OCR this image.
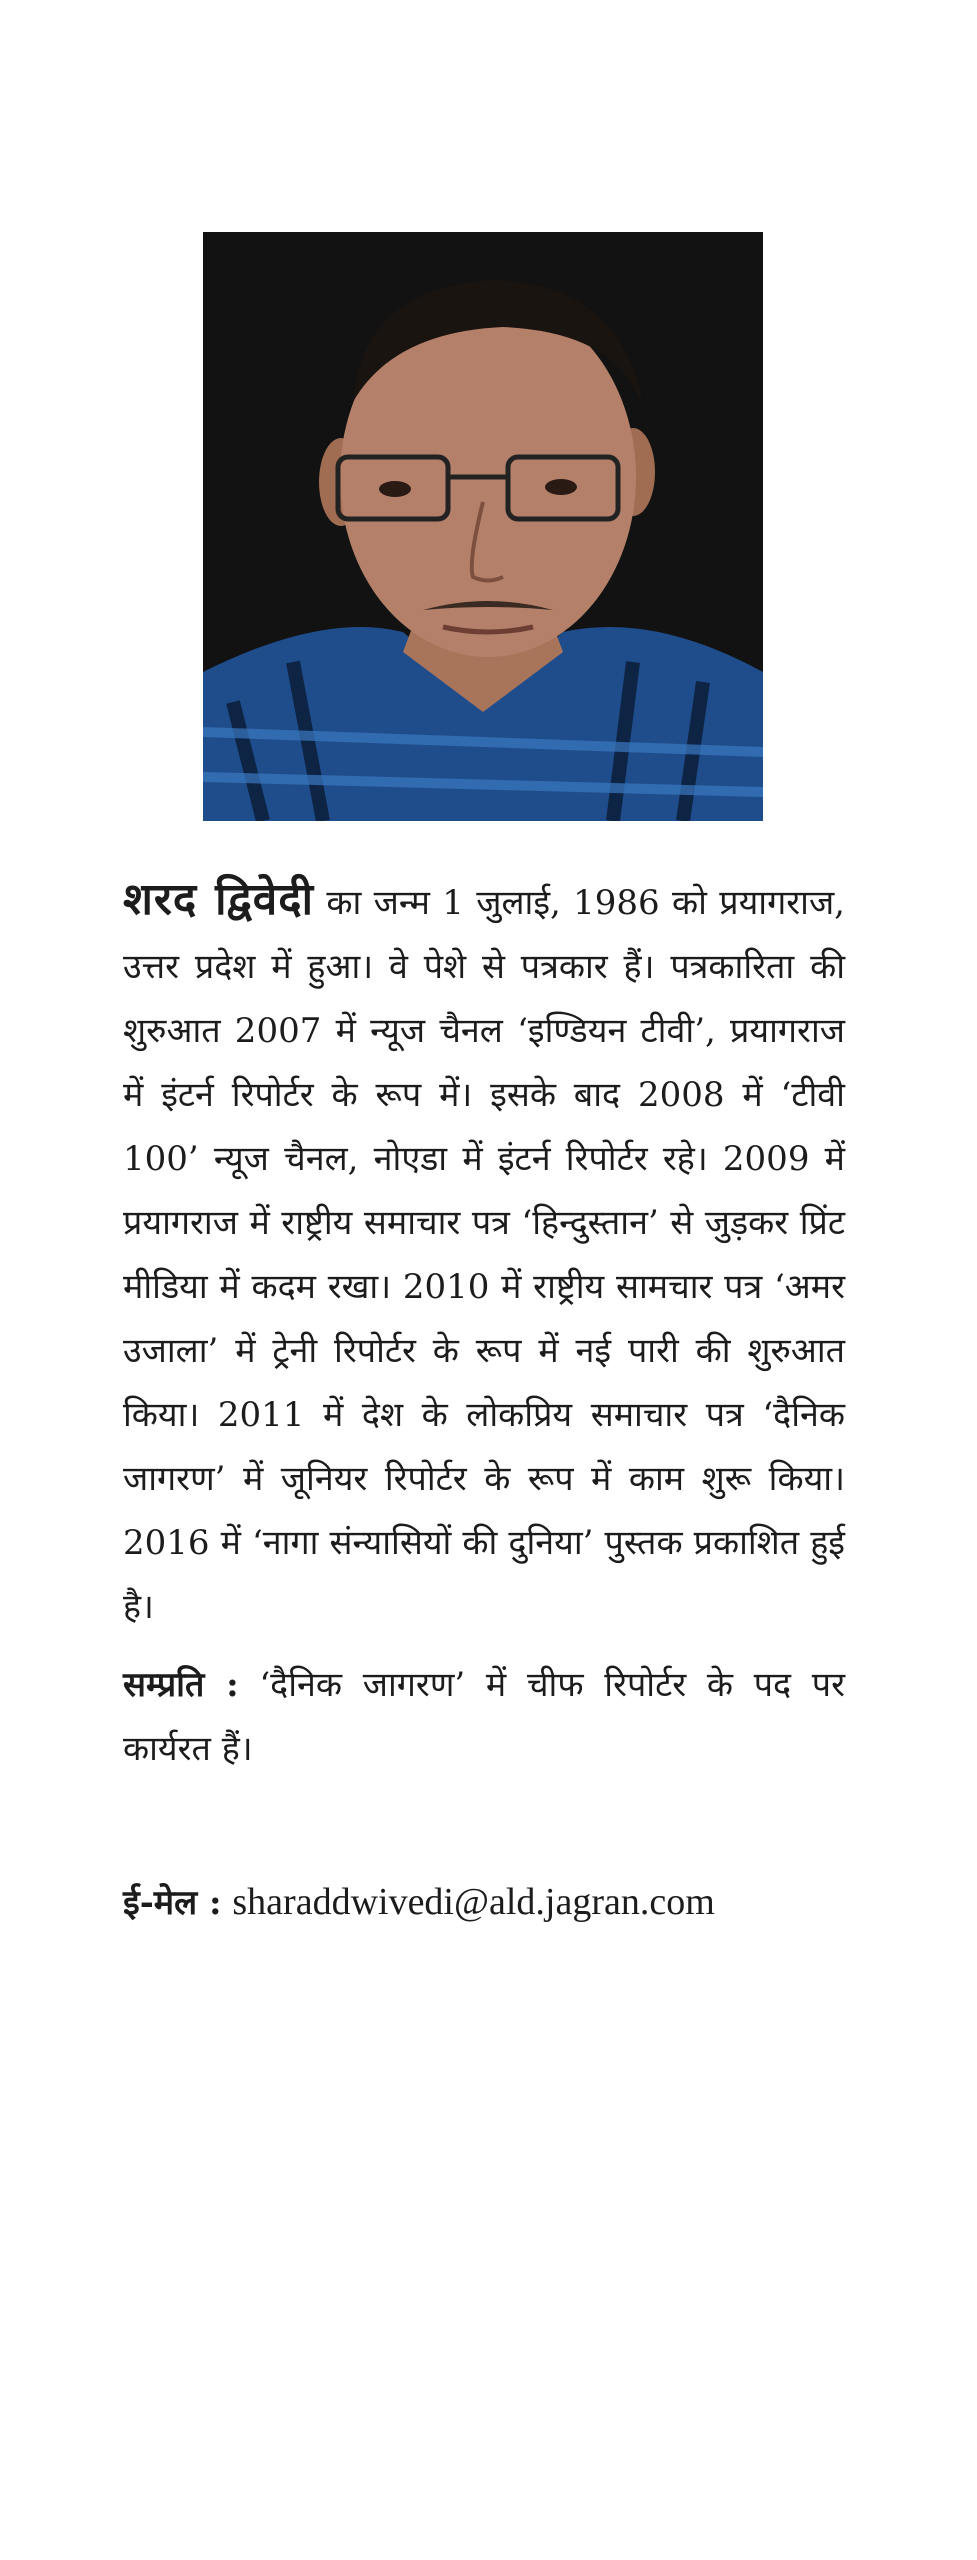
शरद द्विवेदी का जन्म 1 जुलाई, 1986 को प्रयागराज, उत्तर प्रदेश में हुआ। वे पेशे से पत्रकार हैं। पत्रकारिता की शुरुआत 2007 में न्यूज चैनल ‘इण्डियन टीवी’, प्रयागराज में इंटर्न रिपोर्टर के रूप में। इसके बाद 2008 में ‘टीवी 100’ न्यूज चैनल, नोएडा में इंटर्न रिपोर्टर रहे। 2009 में प्रयागराज में राष्ट्रीय समाचार पत्र ‘हिन्दुस्तान’ से जुड़कर प्रिंट मीडिया में कदम रखा। 2010 में राष्ट्रीय सामचार पत्र ‘अमर उजाला’ में ट्रेनी रिपोर्टर के रूप में नई पारी की शुरुआत किया। 2011 में देश के लोकप्रिय समाचार पत्र ‘दैनिक जागरण’ में जूनियर रिपोर्टर के रूप में काम शुरू किया। 2016 में ‘नागा संन्यासियों की दुनिया’ पुस्तक प्रकाशित हुई है।

सम्प्रति : ‘दैनिक जागरण’ में चीफ रिपोर्टर के पद पर कार्यरत हैं।

ई-मेल : sharaddwivedi@ald.jagran.com
